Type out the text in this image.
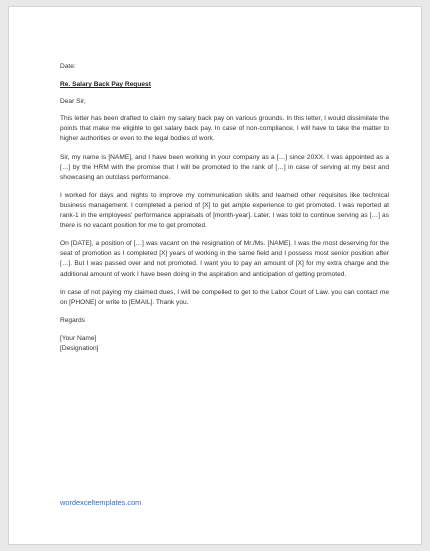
Date:

Re. Salary Back Pay Request

Dear Sir,

This letter has been drafted to claim my salary back pay on various grounds. In this letter, I would dissimilate the points that make me eligible to get salary back pay. In case of non-compliance, I will have to take the matter to higher authorities or even to the legal bodies of work.

Sir, my name is [NAME], and I have been working in your company as a […] since 20XX. I was appointed as a […] by the HRM with the promise that I will be promoted to the rank of […] in case of serving at my best and showcasing an outclass performance.

I worked for days and nights to improve my communication skills and learned other requisites like technical business management. I completed a period of [X] to get ample experience to get promoted. I was reported at rank-1 in the employees' performance appraisals of [month-year]. Later, I was told to continue serving as […] as there is no vacant position for me to get promoted.

On [DATE], a position of […] was vacant on the resignation of Mr./Ms. [NAME]. I was the most deserving for the seat of promotion as I completed [X] years of working in the same field and I possess most senior position after […]. But I was passed over and not promoted. I want you to pay an amount of [X] for my extra charge and the additional amount of work I have been doing in the aspiration and anticipation of getting promoted.

In case of not paying my claimed dues, I will be compelled to get to the Labor Court of Law. you can contact me on [PHONE] or write to [EMAIL]. Thank you.

Regards

[Your Name]

[Designation]

wordexceltemplates.com
